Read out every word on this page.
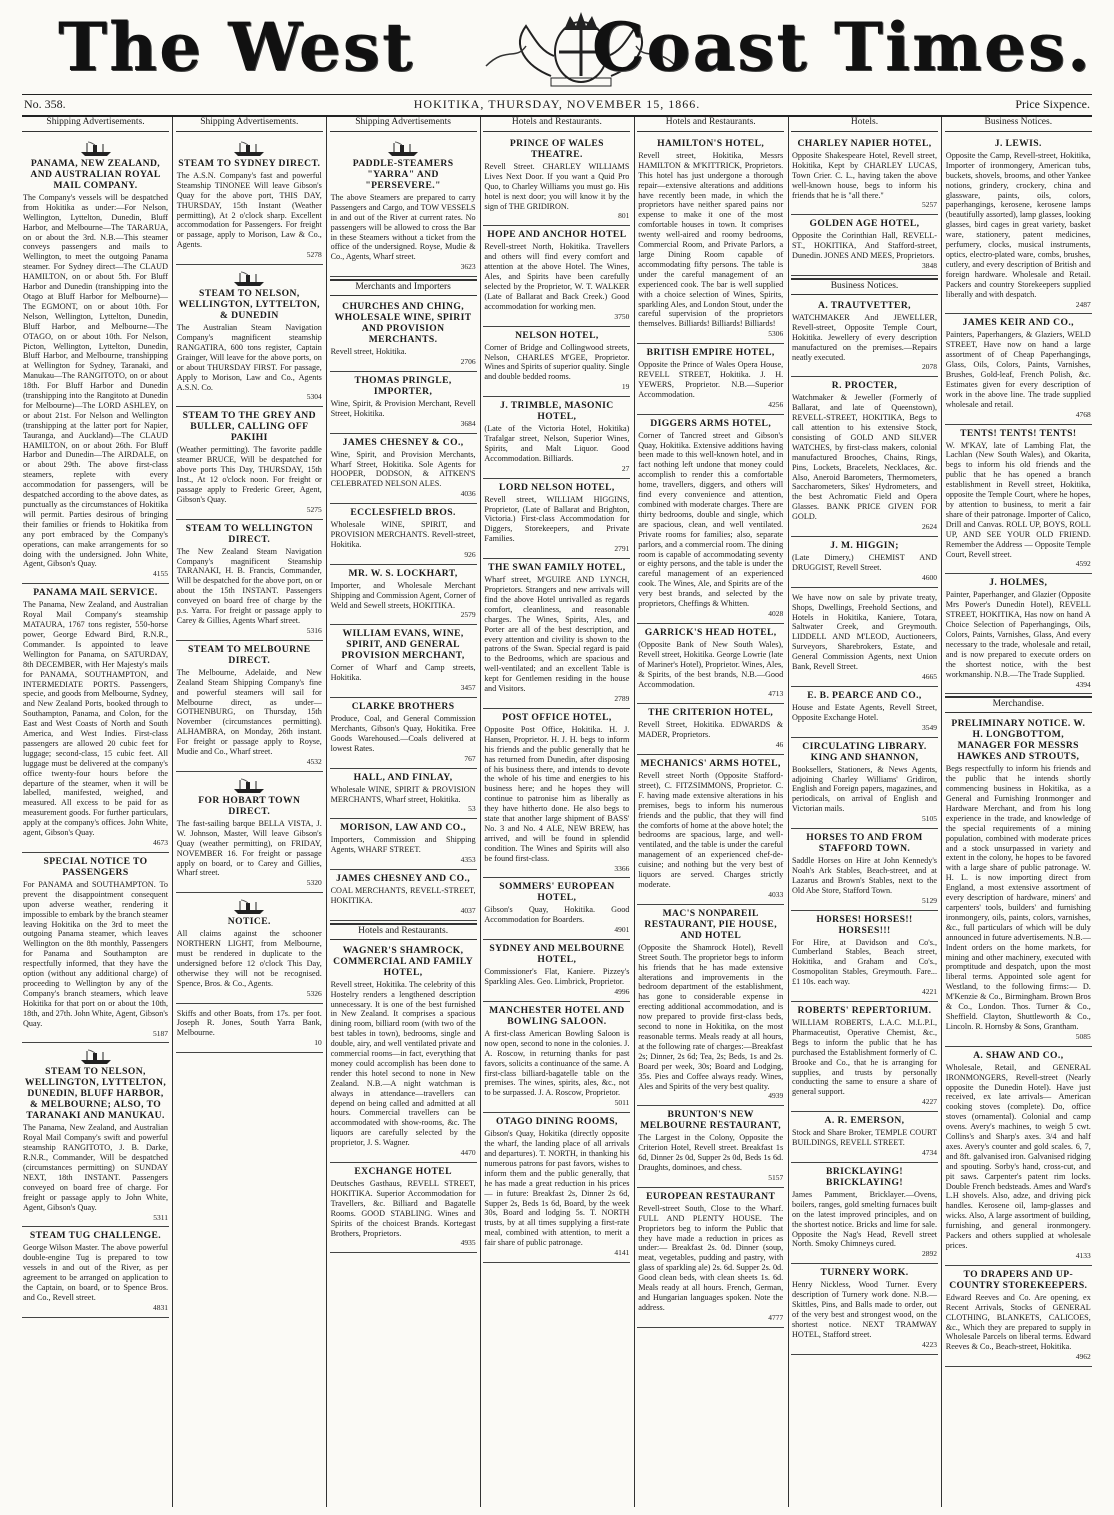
The West	Coast Times.
No. 358.	HOKITIKA, THURSDAY, NOVEMBER 15, 1866.	Price Sixpence.
Shipping Advertisements.
PANAMA, NEW ZEALAND, AND AUSTRALIAN ROYAL MAIL COMPANY.
The Company's vessels will be despatched from Hokitika as under:—For Nelson, Wellington, Lyttelton, Dunedin, Bluff Harbor, and Melbourne—The TARARUA, on or about the 3rd. N.B.—This steamer conveys passengers and mails to Wellington, to meet the outgoing Panama steamer. For Sydney direct—The CLAUD HAMILTON, on or about 5th. For Bluff Harbor and Dunedin (transhipping into the Otago at Bluff Harbor for Melbourne)—The EGMONT, on or about 10th. For Nelson, Wellington, Lyttelton, Dunedin, Bluff Harbor, and Melbourne—The OTAGO, on or about 10th. For Nelson, Picton, Wellington, Lyttelton, Dunedin, Bluff Harbor, and Melbourne, transhipping at Wellington for Sydney, Taranaki, and Manukau—The RANGITOTO, on or about 18th. For Bluff Harbor and Dunedin (transhipping into the Rangitoto at Dunedin for Melbourne)—The LORD ASHLEY, on or about 21st. For Nelson and Wellington (transhipping at the latter port for Napier, Tauranga, and Auckland)—The CLAUD HAMILTON, on or about 26th. For Bluff Harbor and Dunedin—The AIRDALE, on or about 29th. The above first-class steamers, replete with every accommodation for passengers, will be despatched according to the above dates, as punctually as the circumstances of Hokitika will permit. Parties desirous of bringing their families or friends to Hokitika from any port embraced by the Company's operations, can make arrangements for so doing with the undersigned. John White, Agent, Gibson's Quay.
4155
PANAMA MAIL SERVICE.
The Panama, New Zealand, and Australian Royal Mail Company's steamship MATAURA, 1767 tons register, 550-horse power, George Edward Bird, R.N.R., Commander. Is appointed to leave Wellington for Panama, on SATURDAY, 8th DECEMBER, with Her Majesty's mails for PANAMA, SOUTHAMPTON, and INTERMEDIATE PORTS. Passengers, specie, and goods from Melbourne, Sydney, and New Zealand Ports, booked through to Southampton, Panama, and Colon, for the East and West Coasts of North and South America, and West Indies. First-class passengers are allowed 20 cubic feet for luggage; second-class, 15 cubic feet. All luggage must be delivered at the company's office twenty-four hours before the departure of the steamer, when it will be labelled, manifested, weighed, and measured. All excess to be paid for as measurement goods. For further particulars, apply at the company's offices. John White, agent, Gibson's Quay.
4673
SPECIAL NOTICE TO PASSENGERS
For PANAMA and SOUTHAMPTON. To prevent the disappointment consequent upon adverse weather, rendering it impossible to embark by the branch steamer leaving Hokitika on the 3rd to meet the outgoing Panama steamer, which leaves Wellington on the 8th monthly, Passengers for Panama and Southampton are respectfully informed, that they have the option (without any additional charge) of proceeding to Wellington by any of the Company's branch steamers, which leave Hokitika for that port on or about the 10th, 18th, and 27th. John White, Agent, Gibson's Quay.
5187
STEAM TO NELSON, WELLINGTON, LYTTELTON, DUNEDIN, BLUFF HARBOR, & MELBOURNE; ALSO, TO TARANAKI AND MANUKAU.
The Panama, New Zealand, and Australian Royal Mail Company's swift and powerful steamship RANGITOTO, J. B. Darke, R.N.R., Commander, Will be despatched (circumstances permitting) on SUNDAY NEXT, 18th INSTANT. Passengers conveyed on board free of charge. For freight or passage apply to John White, Agent, Gibson's Quay.
5311
STEAM TUG CHALLENGE.
George Wilson Master. The above powerful double-engine Tug is prepared to tow vessels in and out of the River, as per agreement to be arranged on application to the Captain, on board, or to Spence Bros. and Co., Revell street.
4831
Shipping Advertisements.
STEAM TO SYDNEY DIRECT.
The A.S.N. Company's fast and powerful Steamship TINONEE Will leave Gibson's Quay for the above port, THIS DAY, THURSDAY, 15th Instant (Weather permitting), At 2 o'clock sharp. Excellent accommodation for Passengers. For freight or passage, apply to Morison, Law & Co., Agents.
5278
STEAM TO NELSON, WELLINGTON, LYTTELTON, & DUNEDIN
The Australian Steam Navigation Company's magnificent steamship RANGATIRA, 600 tons register, Captain Grainger, Will leave for the above ports, on or about THURSDAY FIRST. For passage, Apply to Morison, Law and Co., Agents A.S.N. Co.
5304
STEAM TO THE GREY AND BULLER, CALLING OFF PAKIHI
(Weather permitting). The favorite paddle steamer BRUCE, Will be despatched for above ports This Day, THURSDAY, 15th Inst., At 12 o'clock noon. For freight or passage apply to Frederic Greer, Agent, Gibson's Quay.
5275
STEAM TO WELLINGTON DIRECT.
The New Zealand Steam Navigation Company's magnificent Steamship TARANAKI, H. B. Francis, Commander, Will be despatched for the above port, on or about the 15th INSTANT. Passengers conveyed on board free of charge by the p.s. Yarra. For freight or passage apply to Carey & Gillies, Agents Wharf street.
5316
STEAM TO MELBOURNE DIRECT.
The Melbourne, Adelaide, and New Zealand Steam Shipping Company's fine and powerful steamers will sail for Melbourne direct, as under— GOTHENBURG, on Thursday, 15th November (circumstances permitting). ALHAMBRA, on Monday, 26th instant. For freight or passage apply to Royse, Mudie and Co., Wharf street.
4532
FOR HOBART TOWN DIRECT.
The fast-sailing barque BELLA VISTA, J. W. Johnson, Master, Will leave Gibson's Quay (weather permitting), on FRIDAY, NOVEMBER 16. For freight or passage apply on board, or to Carey and Gillies, Wharf street.
5320
NOTICE.
All claims against the schooner NORTHERN LIGHT, from Melbourne, must be rendered in duplicate to the undersigned before 12 o'clock This Day, otherwise they will not be recognised. Spence, Bros. & Co., Agents.
5326
Skiffs and other Boats, from 17s. per foot. Joseph R. Jones, South Yarra Bank, Melbourne.
10
Shipping Advertisements
PADDLE-STEAMERS "YARRA" AND "PERSEVERE."
The above Steamers are prepared to carry Passengers and Cargo, and TOW VESSELS in and out of the River at current rates. No passengers will be allowed to cross the Bar in these Steamers without a ticket from the office of the undersigned. Royse, Mudie & Co., Agents, Wharf street.
3623
Merchants and Importers
CHURCHES AND CHING, WHOLESALE WINE, SPIRIT AND PROVISION MERCHANTS.
Revell street, Hokitika.
2706
THOMAS PRINGLE, IMPORTER,
Wine, Spirit, & Provision Merchant, Revell Street, Hokitika.
3684
JAMES CHESNEY & CO.,
Wine, Spirit, and Provision Merchants, Wharf Street, Hokitika. Sole Agents for HOOPER, DODSON, & AITKEN'S CELEBRATED NELSON ALES.
4036
ECCLESFIELD BROS.
Wholesale WINE, SPIRIT, and PROVISION MERCHANTS. Revell-street, Hokitika.
926
MR. W. S. LOCKHART,
Importer, and Wholesale Merchant Shipping and Commission Agent, Corner of Weld and Sewell streets, HOKITIKA.
2579
WILLIAM EVANS, WINE, SPIRIT, AND GENERAL PROVISION MERCHANT,
Corner of Wharf and Camp streets, Hokitika.
3457
CLARKE BROTHERS
Produce, Coal, and General Commission Merchants, Gibson's Quay, Hokitika. Free Goods Warehoused.—Coals delivered at lowest Rates.
767
HALL, AND FINLAY,
Wholesale WINE, SPIRIT & PROVISION MERCHANTS, Wharf street, Hokitika.
53
MORISON, LAW AND CO.,
Importers, Commission and Shipping Agents, WHARF STREET.
4353
JAMES CHESNEY AND CO.,
COAL MERCHANTS, REVELL-STREET, HOKITIKA.
4037
Hotels and Restaurants.
WAGNER'S SHAMROCK, COMMERCIAL AND FAMILY HOTEL,
Revell street, Hokitika. The celebrity of this Hostelry renders a lengthened description unnecessary. It is one of the best furnished in New Zealand. It comprises a spacious dining room, billiard room (with two of the best tables in town), bedrooms, single and double, airy, and well ventilated private and commercial rooms—in fact, everything that money could accomplish has been done to render this hotel second to none in New Zealand. N.B.—A night watchman is always in attendance—travellers can depend on being called and admitted at all hours. Commercial travellers can be accommodated with show-rooms, &c. The liquors are carefully selected by the proprietor, J. S. Wagner.
4470
EXCHANGE HOTEL
Deutsches Gasthaus, REVELL STREET, HOKITIKA. Superior Accommodation for Travellers, &c. Billiard and Bagatelle Rooms. GOOD STABLING. Wines and Spirits of the choicest Brands. Kortegast Brothers, Proprietors.
4935
Hotels and Restaurants.
PRINCE OF WALES THEATRE.
Revell Street. CHARLEY WILLIAMS Lives Next Door. If you want a Quid Pro Quo, to Charley Williams you must go. His hotel is next door; you will know it by the sign of THE GRIDIRON.
801
HOPE AND ANCHOR HOTEL
Revell-street North, Hokitika. Travellers and others will find every comfort and attention at the above Hotel. The Wines, Ales, and Spirits have been carefully selected by the Proprietor, W. T. WALKER (Late of Ballarat and Back Creek.) Good accommodation for working men.
3750
NELSON HOTEL,
Corner of Bridge and Collingwood streets, Nelson, CHARLES M'GEE, Proprietor. Wines and Spirits of superior quality. Single and double bedded rooms.
19
J. TRIMBLE, MASONIC HOTEL,
(Late of the Victoria Hotel, Hokitika) Trafalgar street, Nelson, Superior Wines, Spirits, and Malt Liquor. Good Accommodation. Billiards.
27
LORD NELSON HOTEL,
Revell street, WILLIAM HIGGINS, Proprietor, (Late of Ballarat and Brighton, Victoria.) First-class Accommodation for Diggers, Storekeepers, and Private Families.
2791
THE SWAN FAMILY HOTEL,
Wharf street, M'GUIRE AND LYNCH, Proprietors. Strangers and new arrivals will find the above Hotel unrivalled as regards comfort, cleanliness, and reasonable charges. The Wines, Spirits, Ales, and Porter are all of the best description, and every attention and civility is shown to the patrons of the Swan. Special regard is paid to the Bedrooms, which are spacious and well-ventilated; and an excellent Table is kept for Gentlemen residing in the house and Visitors.
2789
POST OFFICE HOTEL,
Opposite Post Office, Hokitika. H. J. Hansen, Proprietor. H. J. H. begs to inform his friends and the public generally that he has returned from Dunedin, after disposing of his business there, and intends to devote the whole of his time and energies to his business here; and he hopes they will continue to patronise him as liberally as they have hitherto done. He also begs to state that another large shipment of BASS' No. 3 and No. 4 ALE, NEW BREW, has arrived, and will be found in splendid condition. The Wines and Spirits will also be found first-class.
3366
SOMMERS' EUROPEAN HOTEL,
Gibson's Quay, Hokitika. Good Accommodation for Boarders.
4901
SYDNEY AND MELBOURNE HOTEL,
Commissioner's Flat, Kaniere. Pizzey's Sparkling Ales. Geo. Limbrick, Proprietor.
4996
MANCHESTER HOTEL AND BOWLING SALOON.
A first-class American Bowling Saloon is now open, second to none in the colonies. J. A. Roscow, in returning thanks for past favors, solicits a continuance of the same. A first-class billiard-bagatelle table on the premises. The wines, spirits, ales, &c., not to be surpassed. J. A. Roscow, Proprietor.
5011
OTAGO DINING ROOMS,
Gibson's Quay, Hokitika (directly opposite the wharf, the landing place of all arrivals and departures). T. NORTH, in thanking his numerous patrons for past favors, wishes to inform them and the public generally, that he has made a great reduction in his prices — in future: Breakfast 2s, Dinner 2s 6d, Supper 2s, Beds 1s 6d, Board, by the week 30s, Board and lodging 5s. T. NORTH trusts, by at all times supplying a first-rate meal, combined with attention, to merit a fair share of public patronage.
4141
Hotels and Restaurants.
HAMILTON'S HOTEL,
Revell street, Hokitika, Messrs HAMILTON & M'KITTRICK, Proprietors. This hotel has just undergone a thorough repair—extensive alterations and additions have recently been made, in which the proprietors have neither spared pains nor expense to make it one of the most comfortable houses in town. It comprises twenty well-aired and roomy bedrooms, Commercial Room, and Private Parlors, a large Dining Room capable of accommodating fifty persons. The table is under the careful management of an experienced cook. The bar is well supplied with a choice selection of Wines, Spirits, sparkling Ales, and London Stout, under the careful supervision of the proprietors themselves. Billiards! Billiards! Billiards!
5306
BRITISH EMPIRE HOTEL,
Opposite the Prince of Wales Opera House, REVELL STREET, Hokitika. J. H. YEWERS, Proprietor. N.B.—Superior Accommodation.
4256
DIGGERS ARMS HOTEL,
Corner of Tancred street and Gibson's Quay, Hokitika. Extensive additions having been made to this well-known hotel, and in fact nothing left undone that money could accomplish to render this a comfortable home, travellers, diggers, and others will find every convenience and attention, combined with moderate charges. There are thirty bedrooms, double and single, which are spacious, clean, and well ventilated. Private rooms for families; also, separate parlors, and a commercial room. The dining room is capable of accommodating seventy or eighty persons, and the table is under the careful management of an experienced cook. The Wines, Ale, and Spirits are of the very best brands, and selected by the proprietors, Cheffings & Whitten.
4028
GARRICK'S HEAD HOTEL,
(Opposite Bank of New South Wales), Revell street, Hokitika. George Lowrie (late of Mariner's Hotel), Proprietor. Wines, Ales, & Spirits, of the best brands, N.B.—Good Accommodation.
4713
THE CRITERION HOTEL,
Revell Street, Hokitika. EDWARDS & MADER, Proprietors.
46
MECHANICS' ARMS HOTEL,
Revell street North (Opposite Stafford-street), C. FITZSIMMONS, Proprietor. C. F. having made extensive alterations in his premises, begs to inform his numerous friends and the public, that they will find the comforts of home at the above hotel; the bedrooms are spacious, large, and well-ventilated, and the table is under the careful management of an experienced chef-de-cuisine; and nothing but the very best of liquors are served. Charges strictly moderate.
4033
MAC'S NONPAREIL RESTAURANT, PIE HOUSE, AND HOTEL
(Opposite the Shamrock Hotel), Revell Street South. The proprietor begs to inform his friends that he has made extensive alterations and improvements in the bedroom department of the establishment, has gone to considerable expense in erecting additional accommodation, and is now prepared to provide first-class beds, second to none in Hokitika, on the most reasonable terms. Meals ready at all hours, at the following rate of charges:—Breakfast 2s; Dinner, 2s 6d; Tea, 2s; Beds, 1s and 2s. Board per week, 30s; Board and Lodging, 35s. Pies and Coffee always ready. Wines, Ales and Spirits of the very best quality.
4939
BRUNTON'S NEW MELBOURNE RESTAURANT,
The Largest in the Colony, Opposite the Criterion Hotel, Revell street. Breakfast 1s 6d, Dinner 2s 0d, Supper 2s 0d, Beds 1s 6d. Draughts, dominoes, and chess.
5157
EUROPEAN RESTAURANT
Revell-street South, Close to the Wharf. FULL AND PLENTY HOUSE. The Proprietors beg to inform the Public that they have made a reduction in prices as under:— Breakfast 2s. 0d. Dinner (soup, meat, vegetables, pudding and pastry, with glass of sparkling ale) 2s. 6d. Supper 2s. 0d. Good clean beds, with clean sheets 1s. 6d. Meals ready at all hours. French, German, and Hungarian languages spoken. Note the address.
4777
Hotels.
CHARLEY NAPIER HOTEL,
Opposite Shakespeare Hotel, Revell street, Hokitika, Kept by CHARLEY LUCAS, Town Crier. C. L., having taken the above well-known house, begs to inform his friends that he is "all there."
5257
GOLDEN AGE HOTEL,
Opposite the Corinthian Hall, REVELL-ST., HOKITIKA, And Stafford-street, Dunedin. JONES AND MEES, Proprietors.
3848
Business Notices.
A. TRAUTVETTER,
WATCHMAKER And JEWELLER, Revell-street, Opposite Temple Court, Hokitika. Jewellery of every description manufactured on the premises.—Repairs neatly executed.
2078
R. PROCTER,
Watchmaker & Jeweller (Formerly of Ballarat, and late of Queenstown), REVELL-STREET, HOKITIKA, Begs to call attention to his extensive Stock, consisting of GOLD AND SILVER WATCHES, by first-class makers, colonial manufactured Brooches, Chains, Rings, Pins, Lockets, Bracelets, Necklaces, &c. Also, Aneroid Barometers, Thermometers, Saccharometers, Sikes' Hydrometers, and the best Achromatic Field and Opera Glasses. BANK PRICE GIVEN FOR GOLD.
2624
J. M. HIGGIN;
(Late Dimery,) CHEMIST AND DRUGGIST, Revell Street.
4600
We have now on sale by private treaty, Shops, Dwellings, Freehold Sections, and Hotels in Hokitika, Kaniere, Totara, Saltwater Creek, and Greymouth. LIDDELL AND M'LEOD, Auctioneers, Surveyors, Sharebrokers, Estate, and General Commission Agents, next Union Bank, Revell Street.
4665
E. B. PEARCE AND CO.,
House and Estate Agents, Revell Street, Opposite Exchange Hotel.
3549
CIRCULATING LIBRARY. KING AND SHANNON,
Booksellers, Stationers, & News Agents, adjoining Charley Williams' Gridiron, English and Foreign papers, magazines, and periodicals, on arrival of English and Victorian mails.
5105
HORSES TO AND FROM STAFFORD TOWN.
Saddle Horses on Hire at John Kennedy's Noah's Ark Stables, Beach-street, and at Lazarus and Brown's Stables, next to the Old Abe Store, Stafford Town.
5129
HORSES! HORSES!! HORSES!!!
For Hire, at Davidson and Co's., Cumberland Stables, Beach street, Hokitika, and Graham and Co's., Cosmopolitan Stables, Greymouth. Fare... £1 10s. each way.
4221
ROBERTS' REPERTORIUM.
WILLIAM ROBERTS, L.A.C. M.L.P.I., Pharmaceutist, Operative Chemist, &c., Begs to inform the public that he has purchased the Establishment formerly of C. Brooke and Co., that he is arranging for supplies, and trusts by personally conducting the same to ensure a share of general support.
4227
A. R. EMERSON,
Stock and Share Broker, TEMPLE COURT BUILDINGS, REVELL STREET.
4734
BRICKLAYING! BRICKLAYING!
James Pamment, Bricklayer.—Ovens, boilers, ranges, gold smelting furnaces built on the latest improved principles, and on the shortest notice. Bricks and lime for sale. Opposite the Nag's Head, Revell street North. Smoky Chimneys cured.
2892
TURNERY WORK.
Henry Nickless, Wood Turner. Every description of Turnery work done. N.B.—Skittles, Pins, and Balls made to order, out of the very best and strongest wood, on the shortest notice. NEXT TRAMWAY HOTEL, Stafford street.
4223
Business Notices.
J. LEWIS.
Opposite the Camp, Revell-street, Hokitika, Importer of ironmongery, American tubs, buckets, shovels, brooms, and other Yankee notions, grindery, crockery, china and glassware, paints, oils, colors, paperhangings, kerosene, kerosene lamps (beautifully assorted), lamp glasses, looking glasses, bird cages in great variety, basket ware, stationery, patent medicines, perfumery, clocks, musical instruments, optics, electro-plated ware, combs, brushes, cutlery, and every description of British and foreign hardware. Wholesale and Retail. Packers and country Storekeepers supplied liberally and with despatch.
2487
JAMES KEIR AND CO.,
Painters, Paperhangers, & Glaziers, WELD STREET, Have now on hand a large assortment of of Cheap Paperhangings, Glass, Oils, Colors, Paints, Varnishes, Brushes, Gold-leaf, French Polish, &c. Estimates given for every description of work in the above line. The trade supplied wholesale and retail.
4768
TENTS! TENTS! TENTS!
W. M'KAY, late of Lambing Flat, the Lachlan (New South Wales), and Okarita, begs to inform his old friends and the public that he has opened a branch establishment in Revell street, Hokitika, opposite the Temple Court, where he hopes, by attention to business, to merit a fair share of their patronage. Importer of Calico, Drill and Canvas. ROLL UP, BOYS, ROLL UP, AND SEE YOUR OLD FRIEND. Remember the Address — Opposite Temple Court, Revell street.
4592
J. HOLMES,
Painter, Paperhanger, and Glazier (Opposite Mrs Power's Dunedin Hotel), REVELL STREET, HOKITIKA, Has now on hand A Choice Selection of Paperhangings, Oils, Colors, Paints, Varnishes, Glass, And every necessary to the trade, wholesale and retail, and is now prepared to execute orders on the shortest notice, with the best workmanship. N.B.—The Trade Supplied.
4394
Merchandise.
PRELIMINARY NOTICE. W. H. LONGBOTTOM, MANAGER FOR MESSRS HAWKES AND STROUTS,
Begs respectfully to inform his friends and the public that he intends shortly commencing business in Hokitika, as a General and Furnishing Ironmonger and Hardware Merchant, and from his long experience in the trade, and knowledge of the special requirements of a mining population, combined with moderate prices and a stock unsurpassed in variety and extent in the colony, he hopes to be favored with a large share of public patronage. W. H. L. is now importing direct from England, a most extensive assortment of every description of hardware, miners' and carpenters' tools, builders' and furnishing ironmongery, oils, paints, colors, varnishes, &c., full particulars of which will be duly announced in future advertisements. N.B.—Indent orders on the home markets, for mining and other machinery, executed with promptitude and despatch, upon the most liberal terms. Appointed sole agent for Westland, to the following firms:— D. M'Kenzie & Co., Birmingham. Brown Bros & Co., London. Thos. Turner & Co., Sheffield. Clayton, Shuttleworth & Co., Lincoln. R. Hornsby & Sons, Grantham.
5085
A. SHAW AND CO.,
Wholesale, Retail, and GENERAL IRONMONGERS, Revell-street (Nearly opposite the Dunedin Hotel). Have just received, ex late arrivals— American cooking stoves (complete). Do, office stoves (ornamental). Colonial and camp ovens. Avery's machines, to weigh 5 cwt. Collins's and Sharp's axes. 3/4 and half axes. Avery's counter and gold scales. 6, 7, and 8ft. galvanised iron. Galvanised ridging and spouting. Sorby's hand, cross-cut, and pit saws. Carpenter's patent rim locks. Double French bedsteads. Ames and Ward's L.H shovels. Also, adze, and driving pick handles. Kerosene oil, lamp-glasses and wicks. Also, A large assortment of building, furnishing, and general ironmongery. Packers and others supplied at wholesale prices.
4133
TO DRAPERS AND UP-COUNTRY STOREKEEPERS.
Edward Reeves and Co. Are opening, ex Recent Arrivals, Stocks of GENERAL CLOTHING, BLANKETS, CALICOES, &c., Which they are prepared to supply in Wholesale Parcels on liberal terms. Edward Reeves & Co., Beach-street, Hokitika.
4962
